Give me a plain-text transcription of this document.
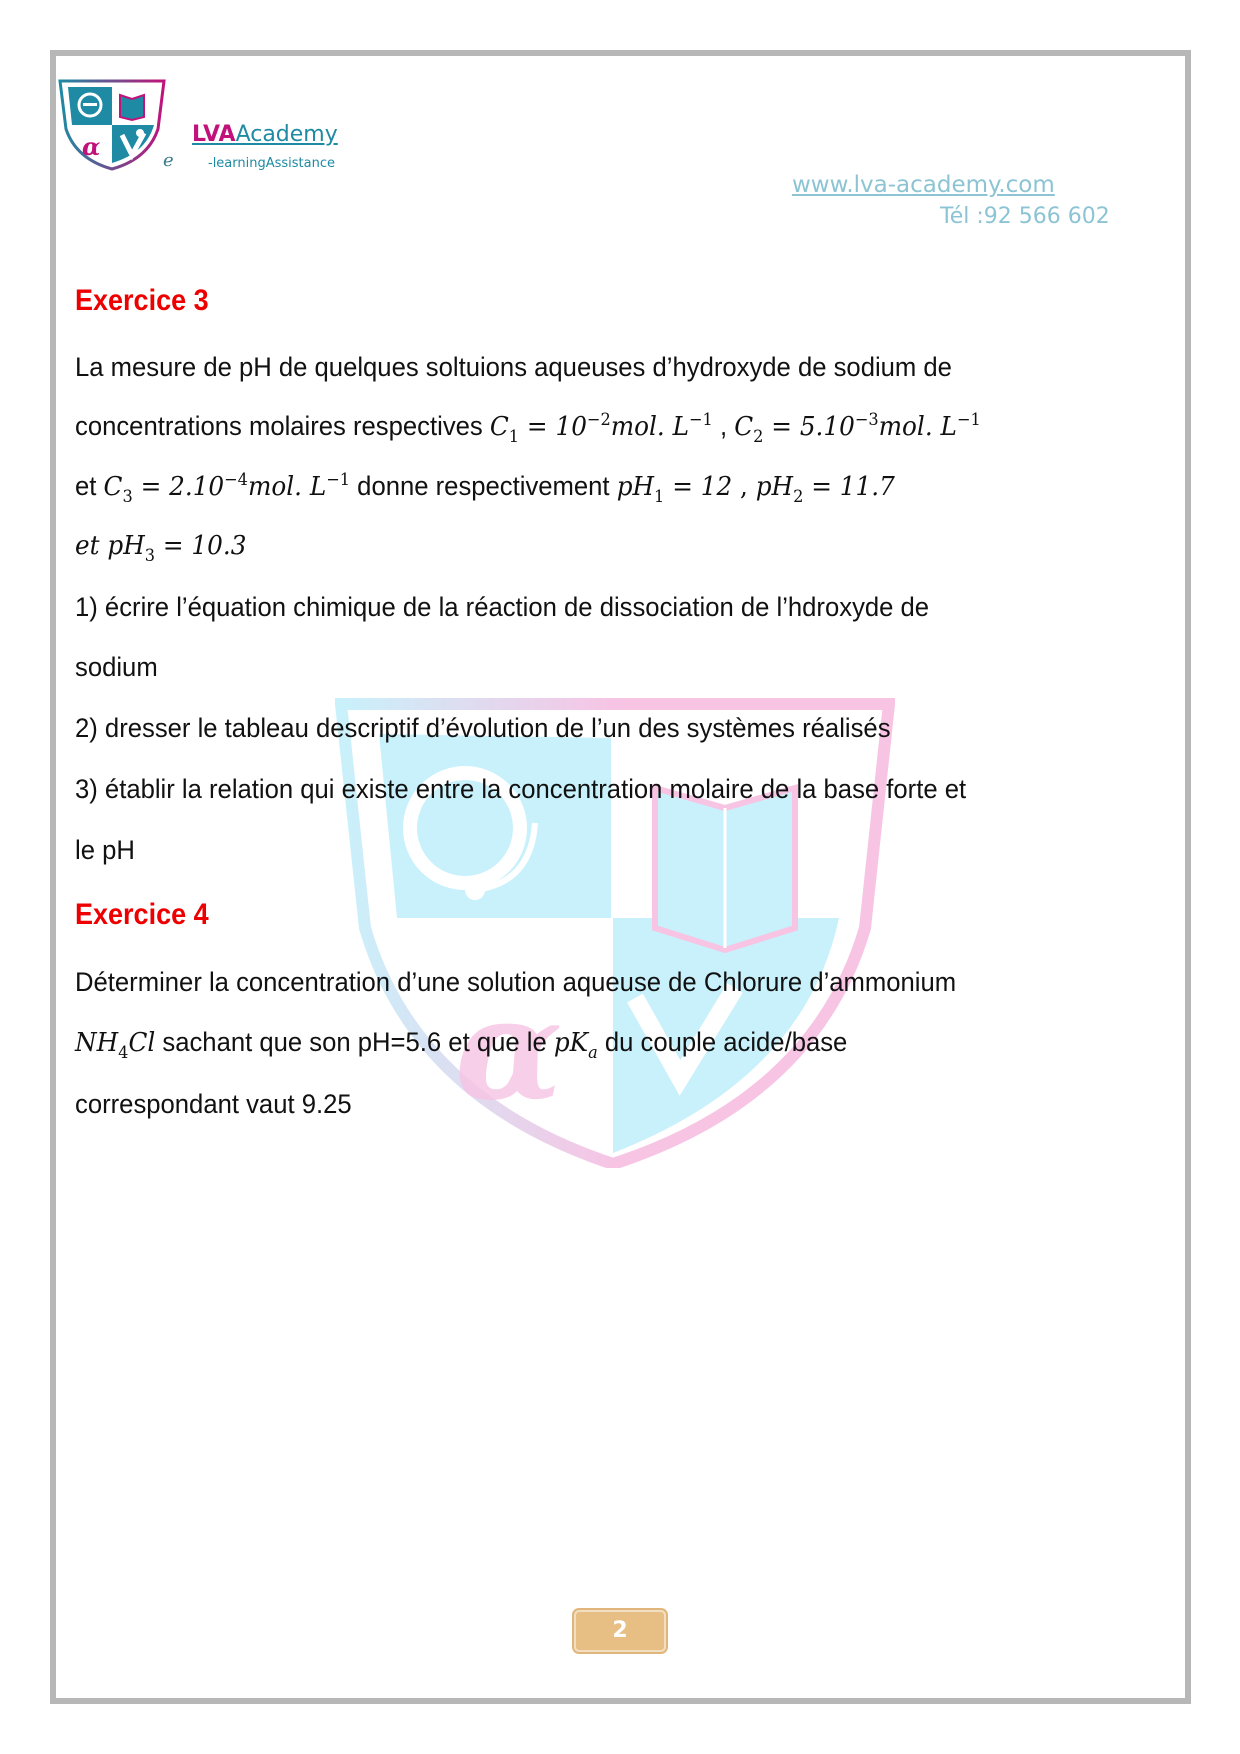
α	e
LVAAcademy
-learningAssistance
www.lva-academy.com
Tél :92 566 602
α
Exercice 3
La mesure de pH de quelques soltuions aqueuses d’hydroxyde de sodium de
concentrations molaires respectives $C_1 = 10^{-2}mol$. $L^{-1}$ , $C_2 = 5.10^{-3}mol$. $L^{-1}$
et $C_3 = 2.10^{-4}mol$. $L^{-1}$ donne respectivement $pH_1 = 12$ , $pH_2 = 11.7$
et $pH_3 = 10.3$
1) écrire l’équation chimique de la réaction de dissociation de l’hdroxyde de
sodium
2) dresser le tableau descriptif d’évolution de l’un des systèmes réalisés
3) établir la relation qui existe entre la concentration molaire de la base forte et
le pH
Exercice 4
Déterminer la concentration d’une solution aqueuse de Chlorure d’ammonium
$NH_4Cl$ sachant que son pH=5.6 et que le $pK_a$ du couple acide/base
correspondant vaut 9.25
2
